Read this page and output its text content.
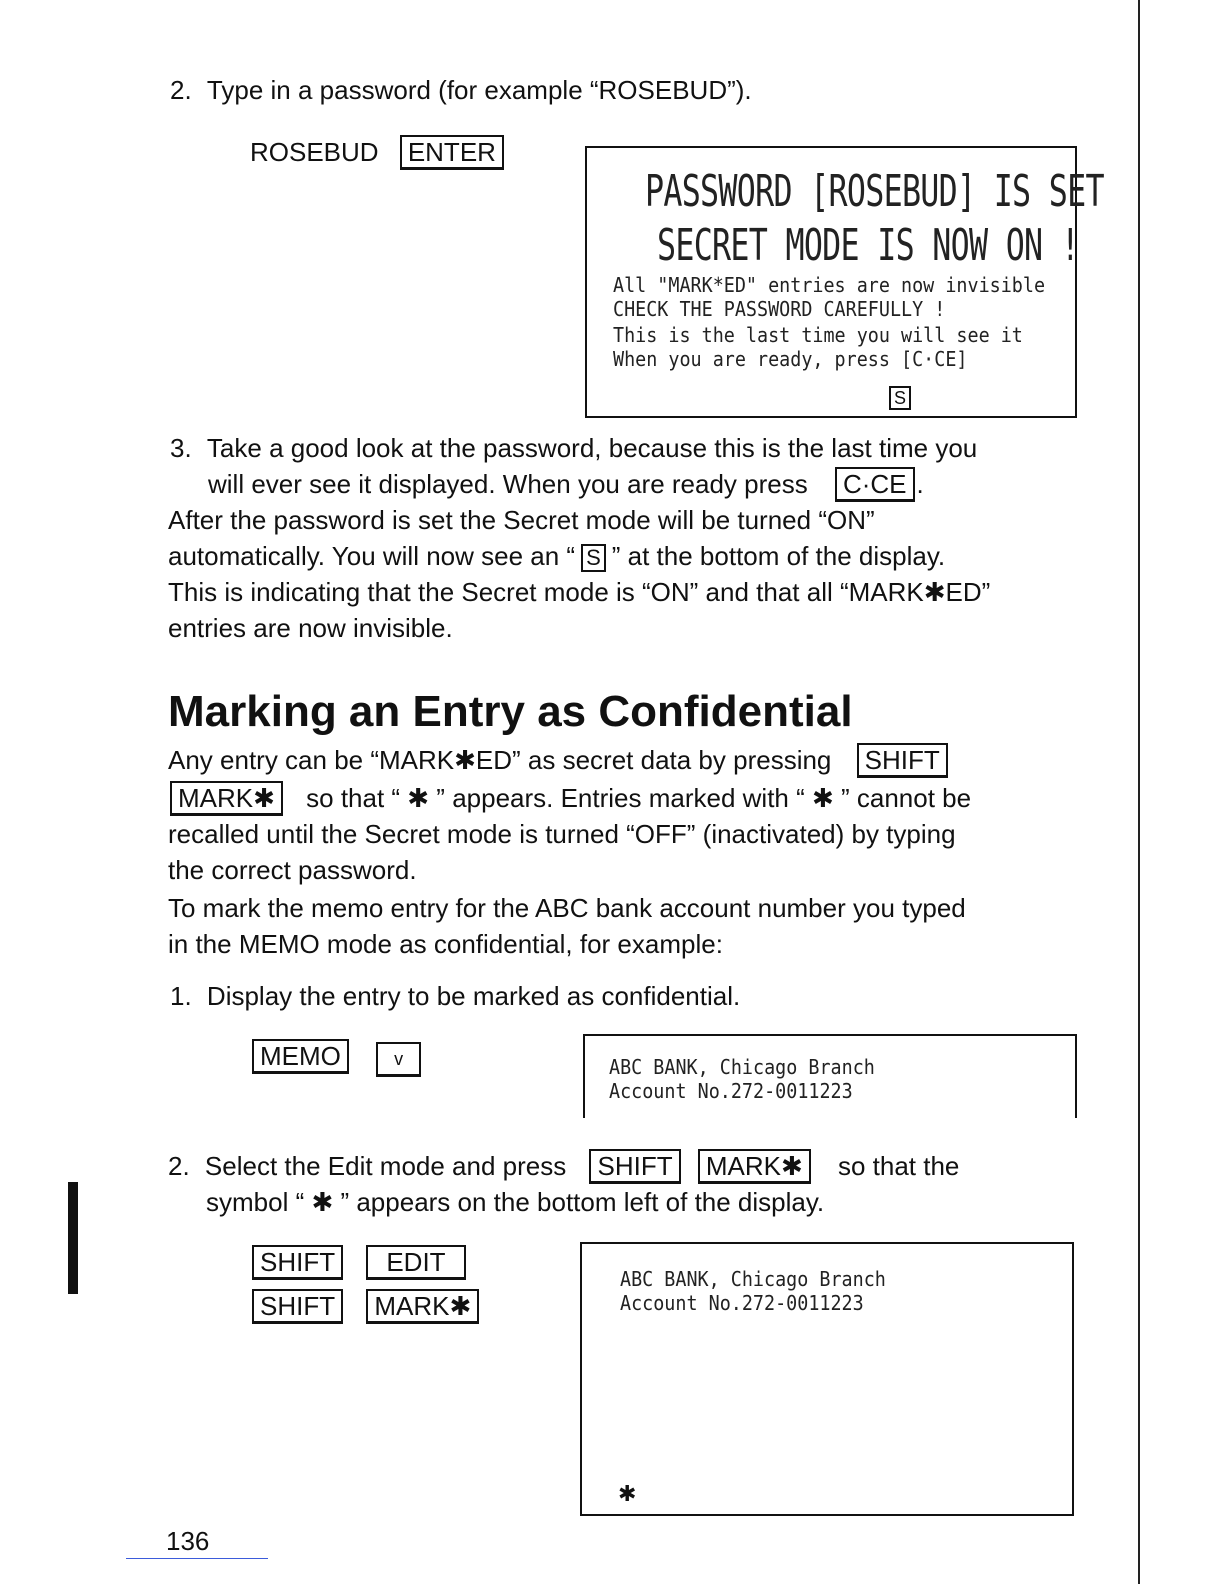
2. Type in a password (for example “ROSEBUD”).
ROSEBUD ENTER
PASSWORD [ROSEBUD] IS SET
SECRET MODE IS NOW ON !
All "MARK*ED" entries are now invisible
CHECK THE PASSWORD CAREFULLY !
This is the last time you will see it
When you are ready, press [C·CE]
S
3. Take a good look at the password, because this is the last time you
will ever see it displayed. When you are ready press C·CE .
After the password is set the Secret mode will be turned “ON”
automatically. You will now see an “ S ” at the bottom of the display.
This is indicating that the Secret mode is “ON” and that all “MARK✱ED”
entries are now invisible.
Marking an Entry as Confidential
Any entry can be “MARK✱ED” as secret data by pressing SHIFT
MARK✱ so that “ ✱ ” appears. Entries marked with “ ✱ ” cannot be
recalled until the Secret mode is turned “OFF” (inactivated) by typing
the correct password.
To mark the memo entry for the ABC bank account number you typed
in the MEMO mode as confidential, for example:
1. Display the entry to be marked as confidential.
MEMO	v	ABC BANK, Chicago Branch
Account No.272-0011223
2. Select the Edit mode and press SHIFT MARK✱ so that the
symbol “ ✱ ” appears on the bottom left of the display.
SHIFT EDIT
SHIFT MARK✱
ABC BANK, Chicago Branch
Account No.272-0011223
✱
136
